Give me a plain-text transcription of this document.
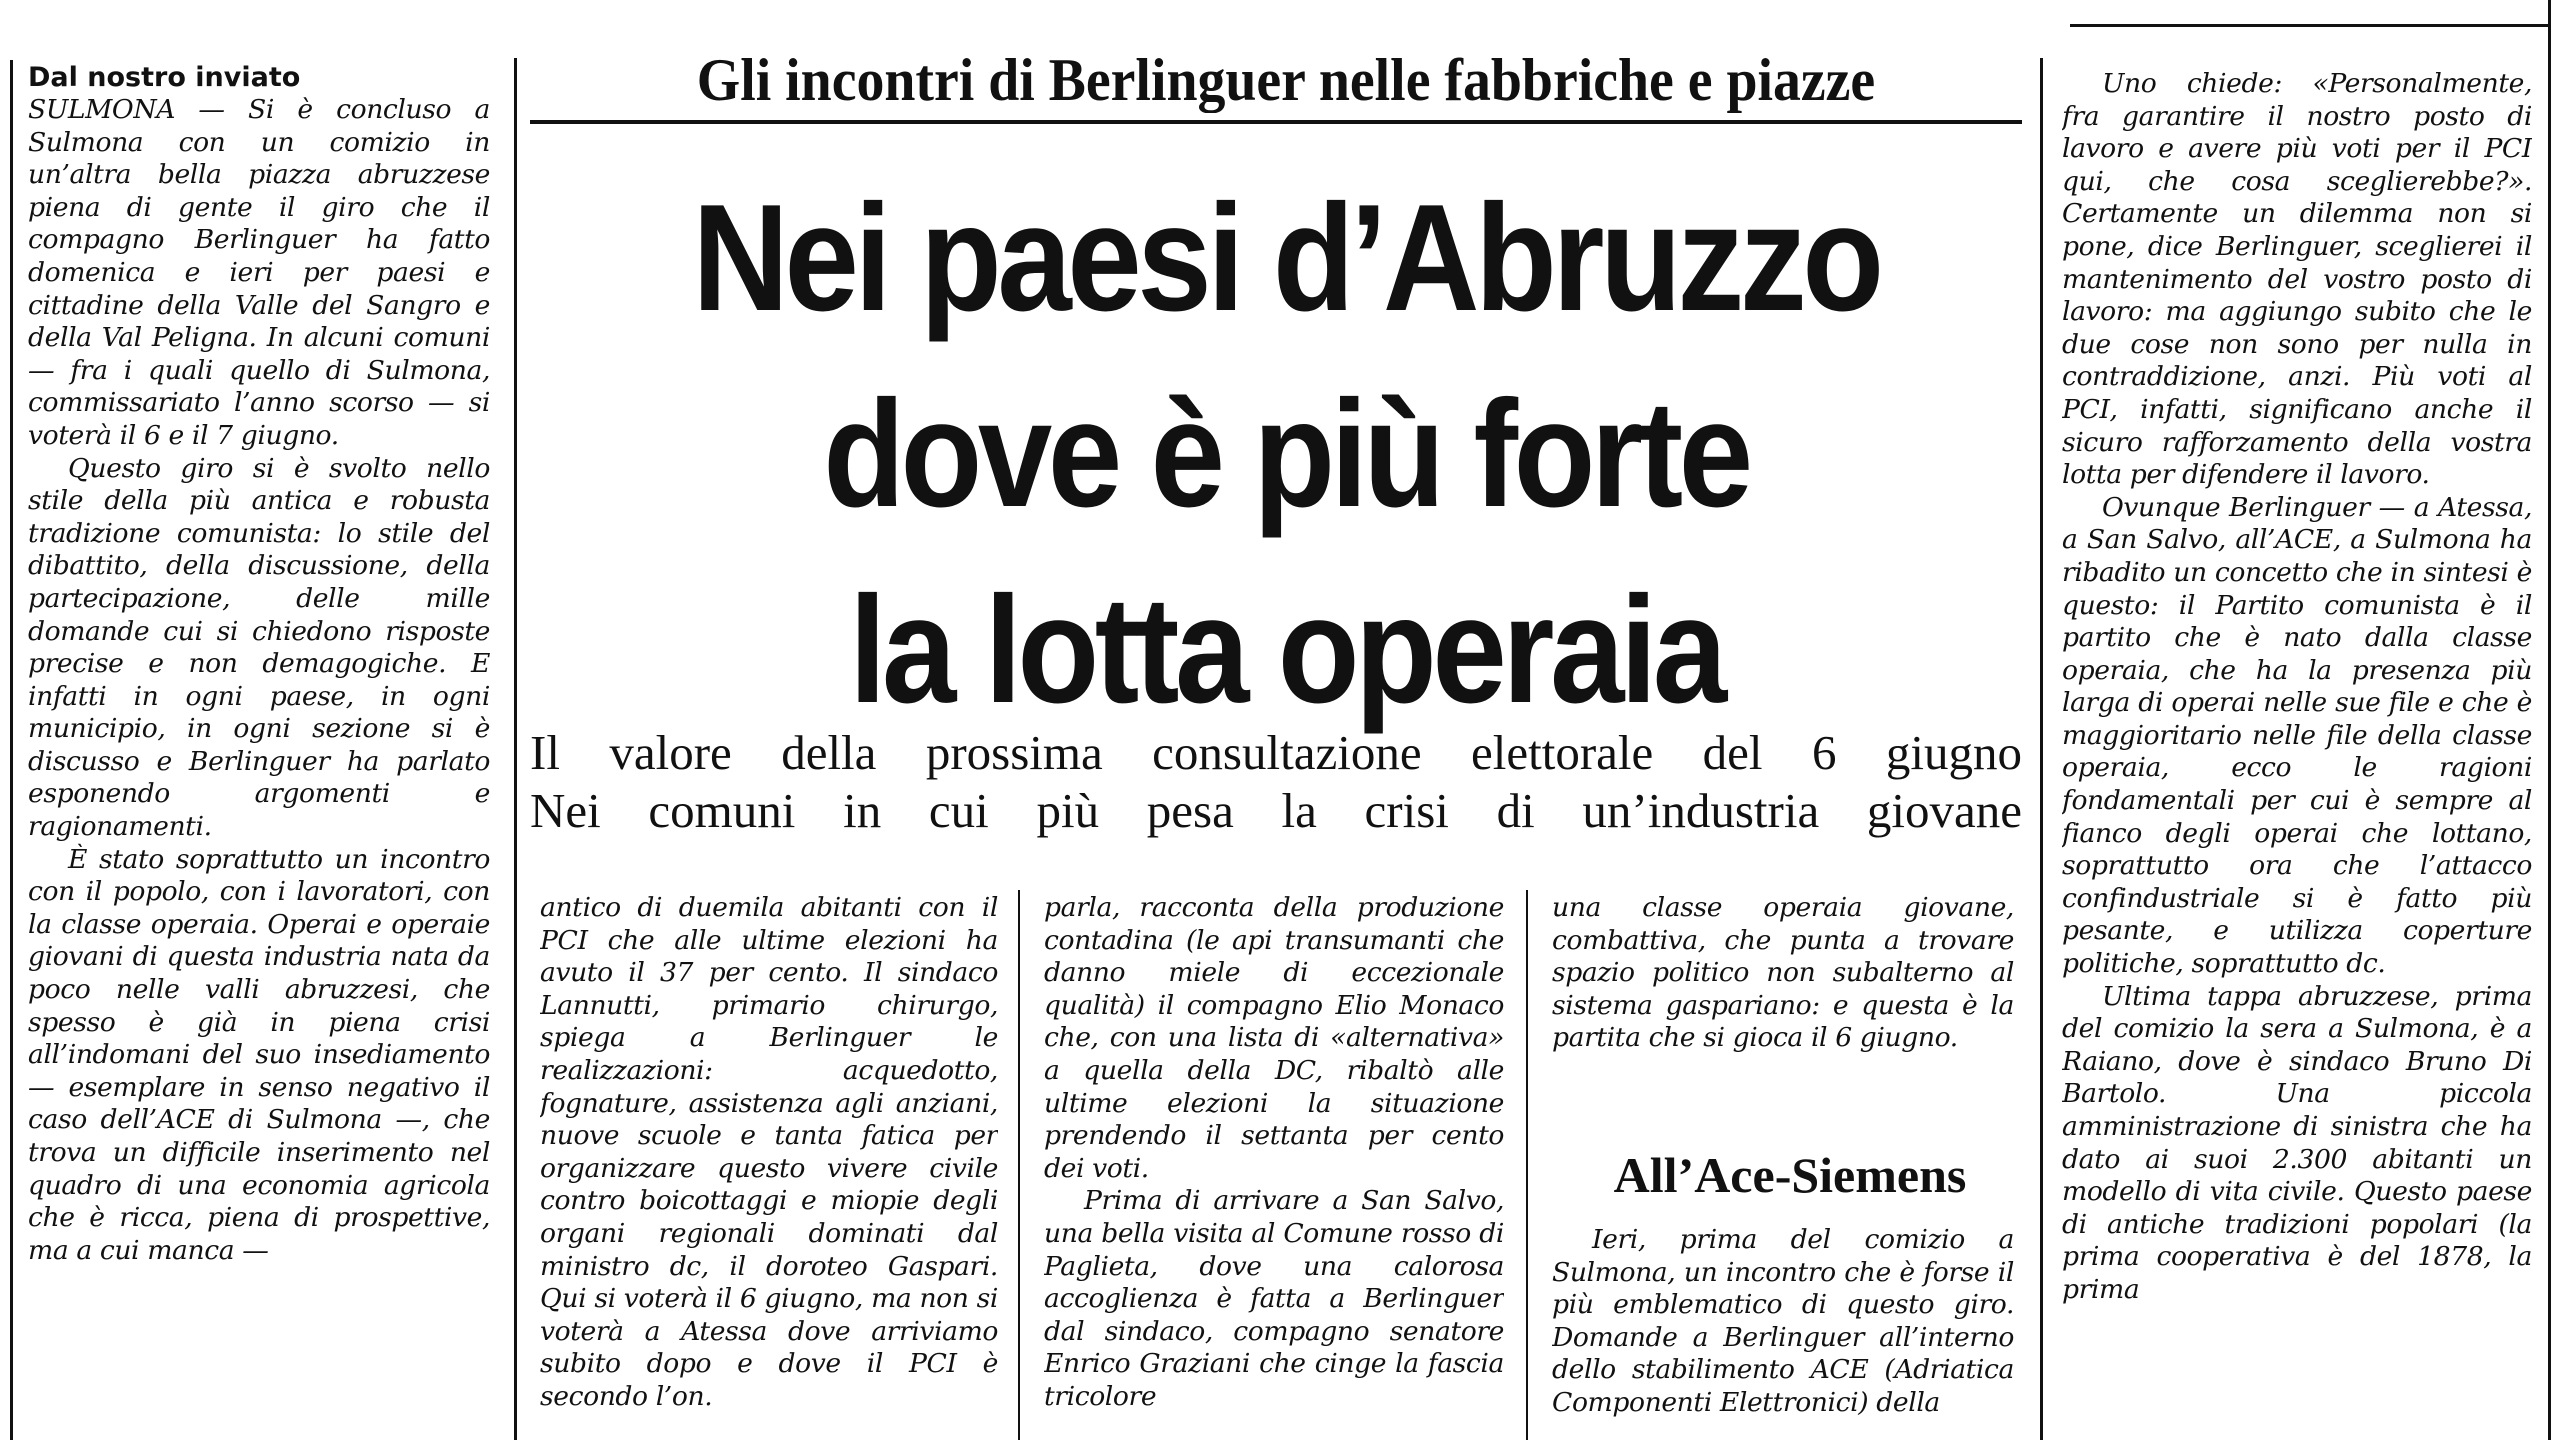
Gli incontri di Berlinguer nelle fabbriche e piazze
Nei paesi d’Abruzzo
dove è più forte
la lotta operaia
Il valore della prossima consultazione elettorale del 6 giugno
Nei comuni in cui più pesa la crisi di un’industria giovane

Dal nostro inviato

SULMONA — Si è concluso a Sulmona con un comizio in un’altra bella piazza abruzzese piena di gente il giro che il compagno Berlinguer ha fatto domenica e ieri per paesi e cittadine della Valle del Sangro e della Val Peligna. In alcuni comuni — fra i quali quello di Sulmona, commissariato l’anno scorso — si voterà il 6 e il 7 giugno.

Questo giro si è svolto nello stile della più antica e robusta tradizione comunista: lo stile del dibattito, della discussione, della partecipazione, delle mille domande cui si chiedono risposte precise e non demagogiche. E infatti in ogni paese, in ogni municipio, in ogni sezione si è discusso e Berlinguer ha parlato esponendo argomenti e ragionamenti.

È stato soprattutto un incontro con il popolo, con i lavoratori, con la classe operaia. Operai e operaie giovani di questa industria nata da poco nelle valli abruzzesi, che spesso è già in piena crisi all’indomani del suo insediamento — esemplare in senso negativo il caso dell’ACE di Sulmona —, che trova un difficile inserimento nel quadro di una economia agricola che è ricca, piena di prospettive, ma a cui manca —

antico di duemila abitanti con il PCI che alle ultime elezioni ha avuto il 37 per cento. Il sindaco Lannutti, primario chirurgo, spiega a Berlinguer le realizzazioni: acquedotto, fognature, assistenza agli anziani, nuove scuole e tanta fatica per organizzare questo vivere civile contro boicottaggi e miopie degli organi regionali dominati dal ministro dc, il doroteo Gaspari. Qui si voterà il 6 giugno, ma non si voterà a Atessa dove arriviamo subito dopo e dove il PCI è secondo l’on.

parla, racconta della produzione contadina (le api transumanti che danno miele di eccezionale qualità) il compagno Elio Monaco che, con una lista di «alternativa» a quella della DC, ribaltò alle ultime elezioni la situazione prendendo il settanta per cento dei voti.

Prima di arrivare a San Salvo, una bella visita al Comune rosso di Paglieta, dove una calorosa accoglienza è fatta a Berlinguer dal sindaco, compagno senatore Enrico Graziani che cinge la fascia tricolore

una classe operaia giovane, combattiva, che punta a trovare spazio politico non subalterno al sistema gaspariano: e questa è la partita che si gioca il 6 giugno.

All’Ace-Siemens

Ieri, prima del comizio a Sulmona, un incontro che è forse il più emblematico di questo giro. Domande a Berlinguer all’interno dello stabilimento ACE (Adriatica Componenti Elettronici) della

Uno chiede: «Personalmente, fra garantire il nostro posto di lavoro e avere più voti per il PCI qui, che cosa sceglierebbe?». Certamente un dilemma non si pone, dice Berlinguer, sceglierei il mantenimento del vostro posto di lavoro: ma aggiungo subito che le due cose non sono per nulla in contraddizione, anzi. Più voti al PCI, infatti, significano anche il sicuro rafforzamento della vostra lotta per difendere il lavoro.

Ovunque Berlinguer — a Atessa, a San Salvo, all’ACE, a Sulmona ha ribadito un concetto che in sintesi è questo: il Partito comunista è il partito che è nato dalla classe operaia, che ha la presenza più larga di operai nelle sue file e che è maggioritario nelle file della classe operaia, ecco le ragioni fondamentali per cui è sempre al fianco degli operai che lottano, soprattutto ora che l’attacco confindustriale si è fatto più pesante, e utilizza coperture politiche, soprattutto dc.

Ultima tappa abruzzese, prima del comizio la sera a Sulmona, è a Raiano, dove è sindaco Bruno Di Bartolo. Una piccola amministrazione di sinistra che ha dato ai suoi 2.300 abitanti un modello di vita civile. Questo paese di antiche tradizioni popolari (la prima cooperativa è del 1878, la prima
